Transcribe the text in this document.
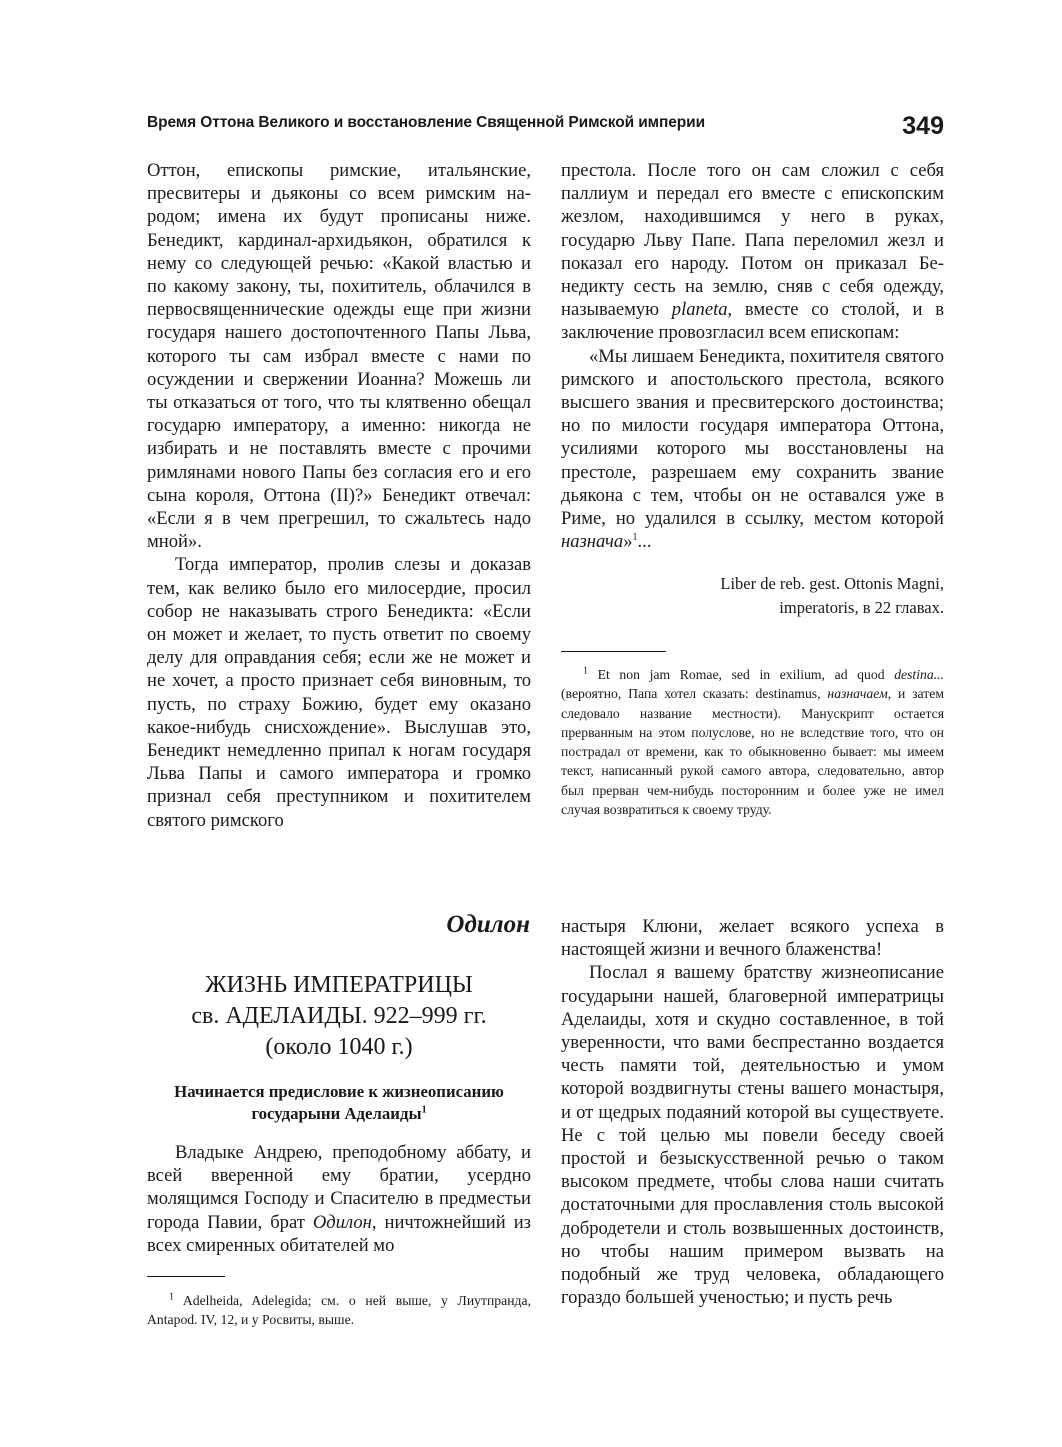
Время Оттона Великого и восстановление Священной Римской империи	349

Оттон, епископы римские, итальянские, пресвитеры и дьяконы со всем римским народом; имена их будут прописаны ниже. Бенедикт, кардинал-архидьякон, обратился к нему со следующей речью: «Какой властью и по какому закону, ты, похититель, облачился в первосвященнические одежды еще при жизни государя нашего достопочтенного Папы Льва, которого ты сам избрал вместе с нами по осуждении и свержении Иоанна? Можешь ли ты отказаться от того, что ты клятвенно обещал государю императору, а именно: никогда не избирать и не поставлять вместе с прочими римлянами нового Папы без согласия его и его сына короля, Оттона (II)?» Бенедикт отвечал: «Если я в чем прегрешил, то сжальтесь надо мной».

Тогда император, пролив слезы и доказав тем, как велико было его милосердие, просил собор не наказывать строго Бенедикта: «Если он может и желает, то пусть ответит по своему делу для оправдания себя; если же не может и не хочет, а просто признает себя виновным, то пусть, по страху Божию, будет ему оказано какое-нибудь снисхождение». Выслушав это, Бенедикт немедленно припал к ногам государя Льва Папы и самого императора и громко признал себя преступником и похитителем святого римского

престола. После того он сам сложил с себя паллиум и передал его вместе с епископским жезлом, находившимся у него в руках, государю Льву Папе. Папа переломил жезл и показал его народу. Потом он приказал Бенедикту сесть на землю, сняв с себя одежду, называемую planeta, вместе со столой, и в заключение провозгласил всем епископам:

«Мы лишаем Бенедикта, похитителя святого римского и апостольского престола, всякого высшего звания и пресвитерского достоинства; но по милости государя императора Оттона, усилиями которого мы восстановлены на престоле, разрешаем ему сохранить звание дьякона с тем, чтобы он не оставался уже в Риме, но удалился в ссылку, местом которой назнача»$^1$...

Liber de reb. gest. Ottonis Magni,
imperatoris, в 22 главах.

$^1$ Et non jam Romae, sed in exilium, ad quod destina... (вероятно, Папа хотел сказать: destinamus, назначаем, и затем следовало название местности). Манускрипт остается прерванным на этом полуслове, но не вследствие того, что он пострадал от времени, как то обыкновенно бывает: мы имеем текст, написанный рукой самого автора, следовательно, автор был прерван чем-нибудь посторонним и более уже не имел случая возвратиться к своему труду.

Одилон
ЖИЗНЬ ИМПЕРАТРИЦЫ
св. АДЕЛАИДЫ. 922–999 гг.
(около 1040 г.)
Начинается предисловие к жизнеописанию
государыни Аделаиды$^1$

Владыке Андрею, преподобному аббату, и всей вверенной ему братии, усердно молящимся Господу и Спасителю в предместьи города Павии, брат Одилон, ничтожнейший из всех смиренных обитателей мо

$^1$ Adelheida, Adelegida; см. о ней выше, у Лиутпранда, Antapod. IV, 12, и у Росвиты, выше.

настыря Клюни, желает всякого успеха в настоящей жизни и вечного блаженства!

Послал я вашему братству жизнеописание государыни нашей, благоверной императрицы Аделаиды, хотя и скудно составленное, в той уверенности, что вами беспрестанно воздается честь памяти той, деятельностью и умом которой воздвигнуты стены вашего монастыря, и от щедрых подаяний которой вы существуете. Не с той целью мы повели беседу своей простой и безыскусственной речью о таком высоком предмете, чтобы слова наши считать достаточными для прославления столь высокой добродетели и столь возвышенных достоинств, но чтобы нашим примером вызвать на подобный же труд человека, обладающего гораздо большей ученостью; и пусть речь
